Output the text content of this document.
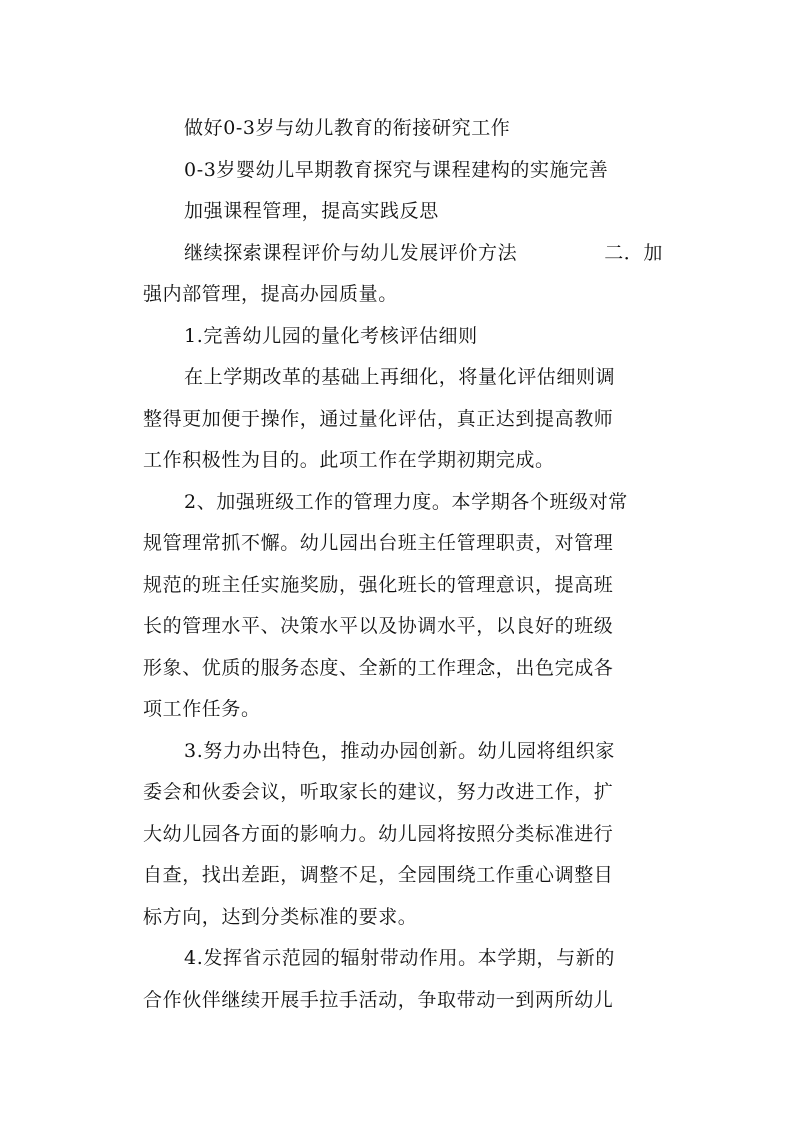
做好0-3岁与幼儿教育的衔接研究工作
0-3岁婴幼儿早期教育探究与课程建构的实施完善
加强课程管理，提高实践反思
继续探索课程评价与幼儿发展评价方法	二．加
强内部管理，提高办园质量。
1.完善幼儿园的量化考核评估细则
在上学期改革的基础上再细化，将量化评估细则调
整得更加便于操作，通过量化评估，真正达到提高教师
工作积极性为目的。此项工作在学期初期完成。
2、加强班级工作的管理力度。本学期各个班级对常
规管理常抓不懈。幼儿园出台班主任管理职责，对管理
规范的班主任实施奖励，强化班长的管理意识，提高班
长的管理水平、决策水平以及协调水平，以良好的班级
形象、优质的服务态度、全新的工作理念，出色完成各
项工作任务。
3.努力办出特色，推动办园创新。幼儿园将组织家
委会和伙委会议，听取家长的建议，努力改进工作，扩
大幼儿园各方面的影响力。幼儿园将按照分类标准进行
自查，找出差距，调整不足，全园围绕工作重心调整目
标方向，达到分类标准的要求。
4.发挥省示范园的辐射带动作用。本学期，与新的
合作伙伴继续开展手拉手活动，争取带动一到两所幼儿
